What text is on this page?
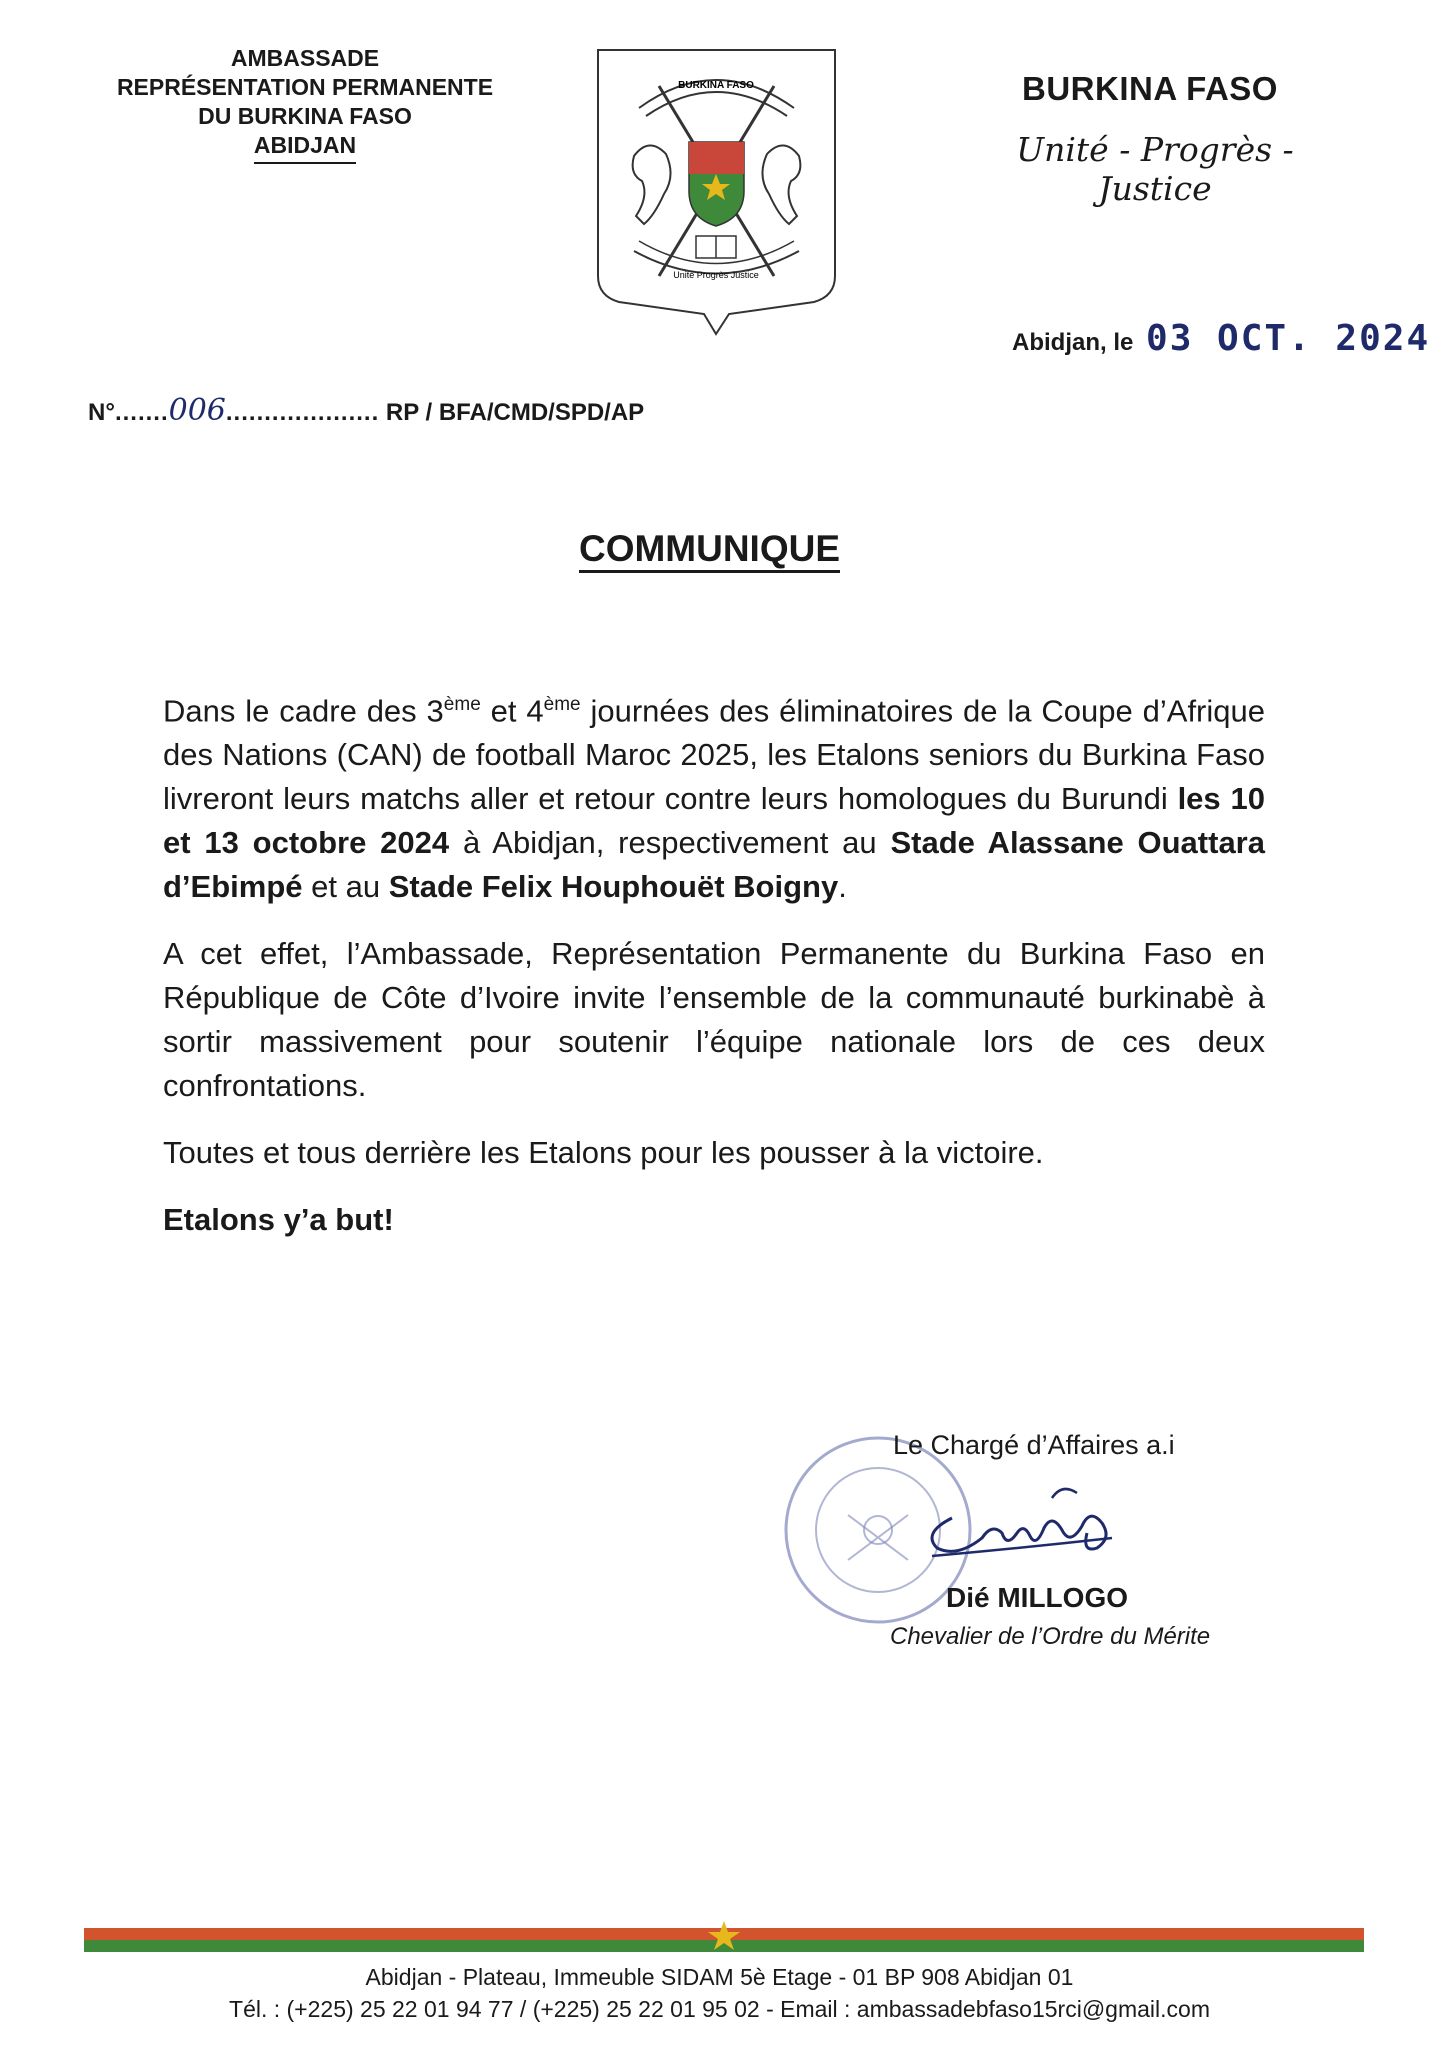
AMBASSADE
REPRÉSENTATION PERMANENTE
DU BURKINA FASO
ABIDJAN
BURKINA FASO
Unité Progrès Justice
BURKINA FASO
Unité - Progrès - Justice
Abidjan, le 03 OCT. 2024
N°.......006.................... RP / BFA/CMD/SPD/AP
COMMUNIQUE

Dans le cadre des 3ème et 4ème journées des éliminatoires de la Coupe d’Afrique des Nations (CAN) de football Maroc 2025, les Etalons seniors du Burkina Faso livreront leurs matchs aller et retour contre leurs homologues du Burundi les 10 et 13 octobre 2024 à Abidjan, respectivement au Stade Alassane Ouattara d’Ebimpé et au Stade Felix Houphouët Boigny.

A cet effet, l’Ambassade, Représentation Permanente du Burkina Faso en République de Côte d’Ivoire invite l’ensemble de la communauté burkinabè à sortir massivement pour soutenir l’équipe nationale lors de ces deux confrontations.

Toutes et tous derrière les Etalons pour les pousser à la victoire.

Etalons y’a but!

Le Chargé d’Affaires a.i
Dié MILLOGO
Chevalier de l’Ordre du Mérite
Abidjan - Plateau, Immeuble SIDAM 5è Etage - 01 BP 908 Abidjan 01
Tél. : (+225) 25 22 01 94 77 / (+225) 25 22 01 95 02 - Email : ambassadebfaso15rci@gmail.com
